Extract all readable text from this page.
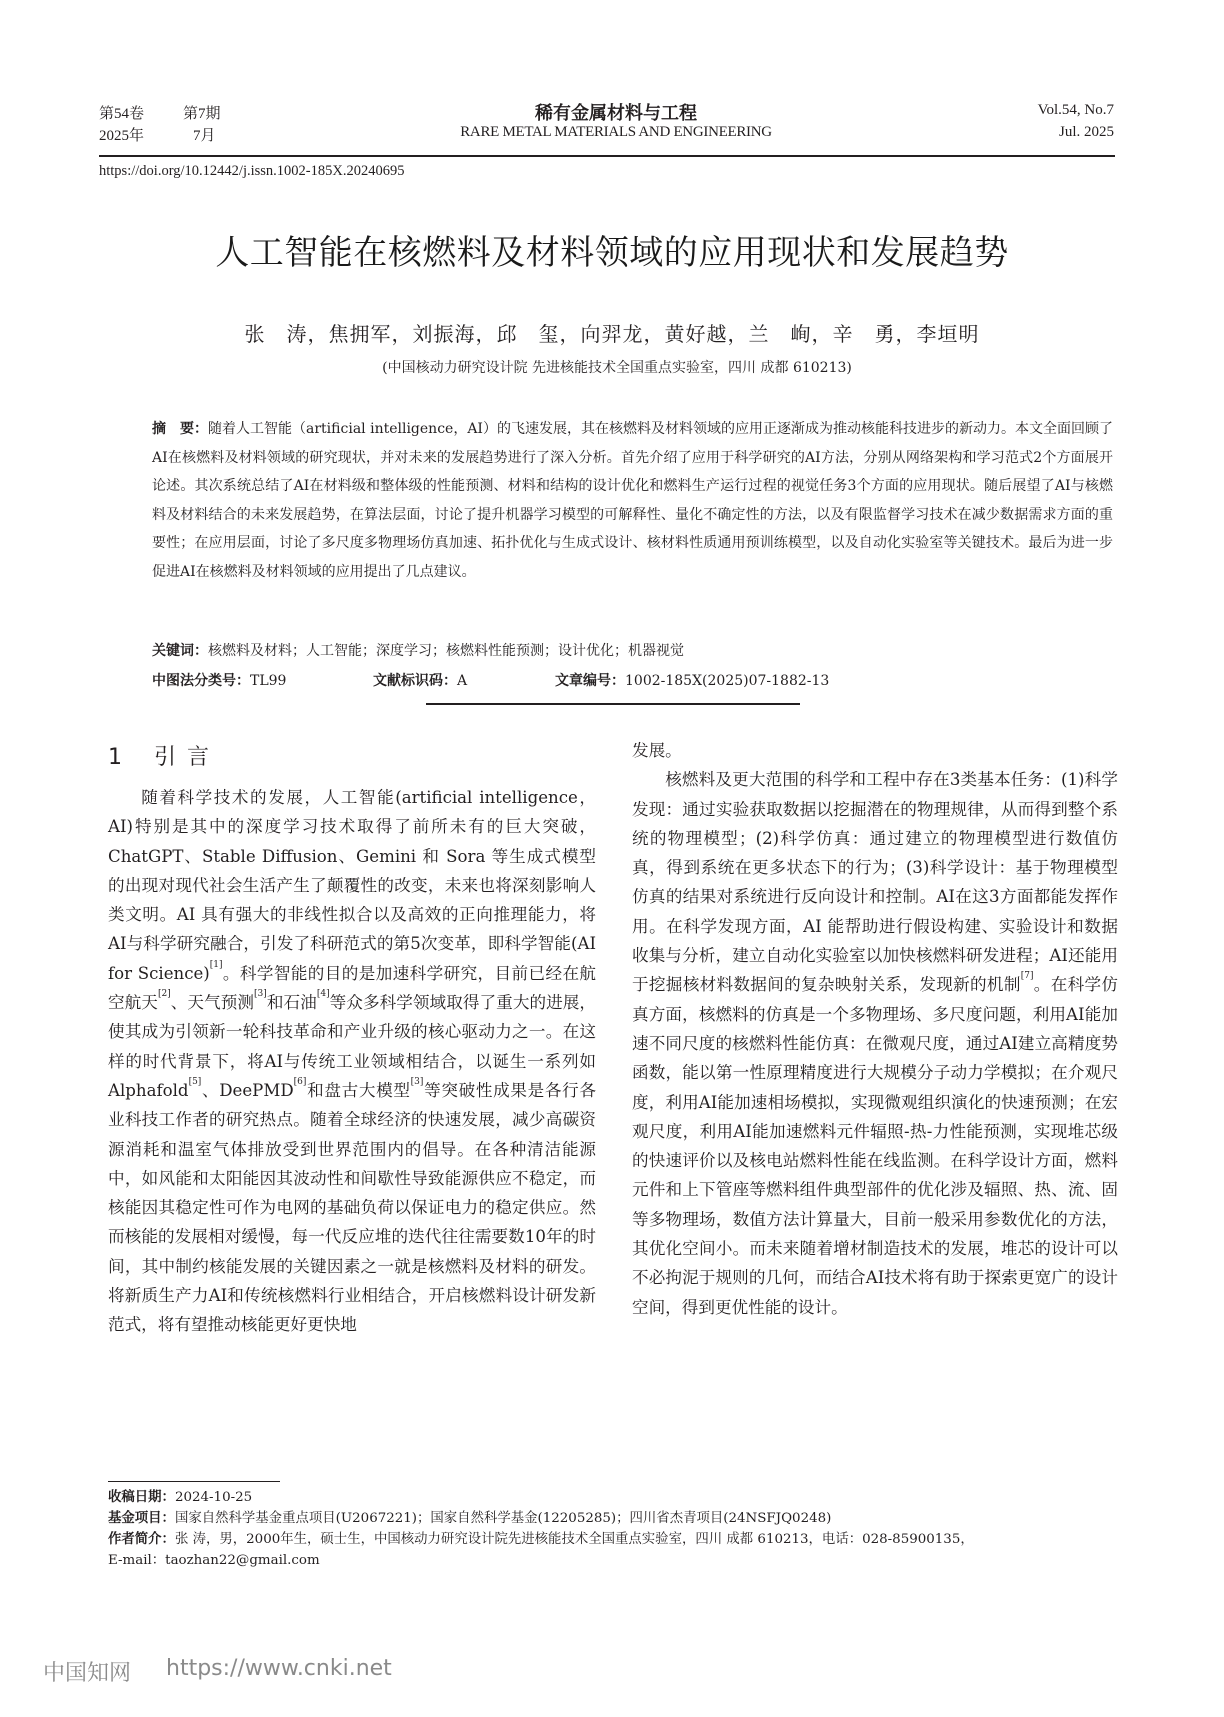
第54卷	第7期
2025年	7月
稀有金属材料与工程
RARE METAL MATERIALS AND ENGINEERING
Vol.54, No.7
Jul. 2025
https://doi.org/10.12442/j.issn.1002-185X.20240695
人工智能在核燃料及材料领域的应用现状和发展趋势
张　涛，焦拥军，刘振海，邱　玺，向羿龙，黄好越，兰　峋，辛　勇，李垣明
(中国核动力研究设计院 先进核能技术全国重点实验室，四川 成都 610213)
摘　要：随着人工智能（artificial intelligence，AI）的飞速发展，其在核燃料及材料领域的应用正逐渐成为推动核能科技进步的新动力。本文全面回顾了AI在核燃料及材料领域的研究现状，并对未来的发展趋势进行了深入分析。首先介绍了应用于科学研究的AI方法，分别从网络架构和学习范式2个方面展开论述。其次系统总结了AI在材料级和整体级的性能预测、材料和结构的设计优化和燃料生产运行过程的视觉任务3个方面的应用现状。随后展望了AI与核燃料及材料结合的未来发展趋势，在算法层面，讨论了提升机器学习模型的可解释性、量化不确定性的方法，以及有限监督学习技术在减少数据需求方面的重要性；在应用层面，讨论了多尺度多物理场仿真加速、拓扑优化与生成式设计、核材料性质通用预训练模型，以及自动化实验室等关键技术。最后为进一步促进AI在核燃料及材料领域的应用提出了几点建议。
关键词：核燃料及材料；人工智能；深度学习；核燃料性能预测；设计优化；机器视觉
中图法分类号：TL99	文献标识码：A	文章编号：1002-185X(2025)07-1882-13
1 引 言

随着科学技术的发展，人工智能(artificial intelligence，AI)特别是其中的深度学习技术取得了前所未有的巨大突破，ChatGPT、Stable Diffusion、Gemini 和 Sora 等生成式模型的出现对现代社会生活产生了颠覆性的改变，未来也将深刻影响人类文明。AI 具有强大的非线性拟合以及高效的正向推理能力，将AI与科学研究融合，引发了科研范式的第5次变革，即科学智能(AI for Science)[1]。科学智能的目的是加速科学研究，目前已经在航空航天[2]、天气预测[3]和石油[4]等众多科学领域取得了重大的进展，使其成为引领新一轮科技革命和产业升级的核心驱动力之一。在这样的时代背景下，将AI与传统工业领域相结合，以诞生一系列如 Alphafold[5]、DeePMD[6]和盘古大模型[3]等突破性成果是各行各业科技工作者的研究热点。随着全球经济的快速发展，减少高碳资源消耗和温室气体排放受到世界范围内的倡导。在各种清洁能源中，如风能和太阳能因其波动性和间歇性导致能源供应不稳定，而核能因其稳定性可作为电网的基础负荷以保证电力的稳定供应。然而核能的发展相对缓慢，每一代反应堆的迭代往往需要数10年的时间，其中制约核能发展的关键因素之一就是核燃料及材料的研发。将新质生产力AI和传统核燃料行业相结合，开启核燃料设计研发新范式，将有望推动核能更好更快地

发展。

核燃料及更大范围的科学和工程中存在3类基本任务：(1)科学发现：通过实验获取数据以挖掘潜在的物理规律，从而得到整个系统的物理模型；(2)科学仿真：通过建立的物理模型进行数值仿真，得到系统在更多状态下的行为；(3)科学设计：基于物理模型仿真的结果对系统进行反向设计和控制。AI在这3方面都能发挥作用。在科学发现方面，AI 能帮助进行假设构建、实验设计和数据收集与分析，建立自动化实验室以加快核燃料研发进程；AI还能用于挖掘核材料数据间的复杂映射关系，发现新的机制[7]。在科学仿真方面，核燃料的仿真是一个多物理场、多尺度问题，利用AI能加速不同尺度的核燃料性能仿真：在微观尺度，通过AI建立高精度势函数，能以第一性原理精度进行大规模分子动力学模拟；在介观尺度，利用AI能加速相场模拟，实现微观组织演化的快速预测；在宏观尺度，利用AI能加速燃料元件辐照-热-力性能预测，实现堆芯级的快速评价以及核电站燃料性能在线监测。在科学设计方面，燃料元件和上下管座等燃料组件典型部件的优化涉及辐照、热、流、固等多物理场，数值方法计算量大，目前一般采用参数优化的方法，其优化空间小。而未来随着增材制造技术的发展，堆芯的设计可以不必拘泥于规则的几何，而结合AI技术将有助于探索更宽广的设计空间，得到更优性能的设计。

收稿日期：2024-10-25
基金项目：国家自然科学基金重点项目(U2067221)；国家自然科学基金(12205285)；四川省杰青项目(24NSFJQ0248)
作者简介：张 涛，男，2000年生，硕士生，中国核动力研究设计院先进核能技术全国重点实验室，四川 成都 610213，电话：028-85900135，
E-mail：taozhan22@gmail.com
中国知网 https://www.cnki.net
